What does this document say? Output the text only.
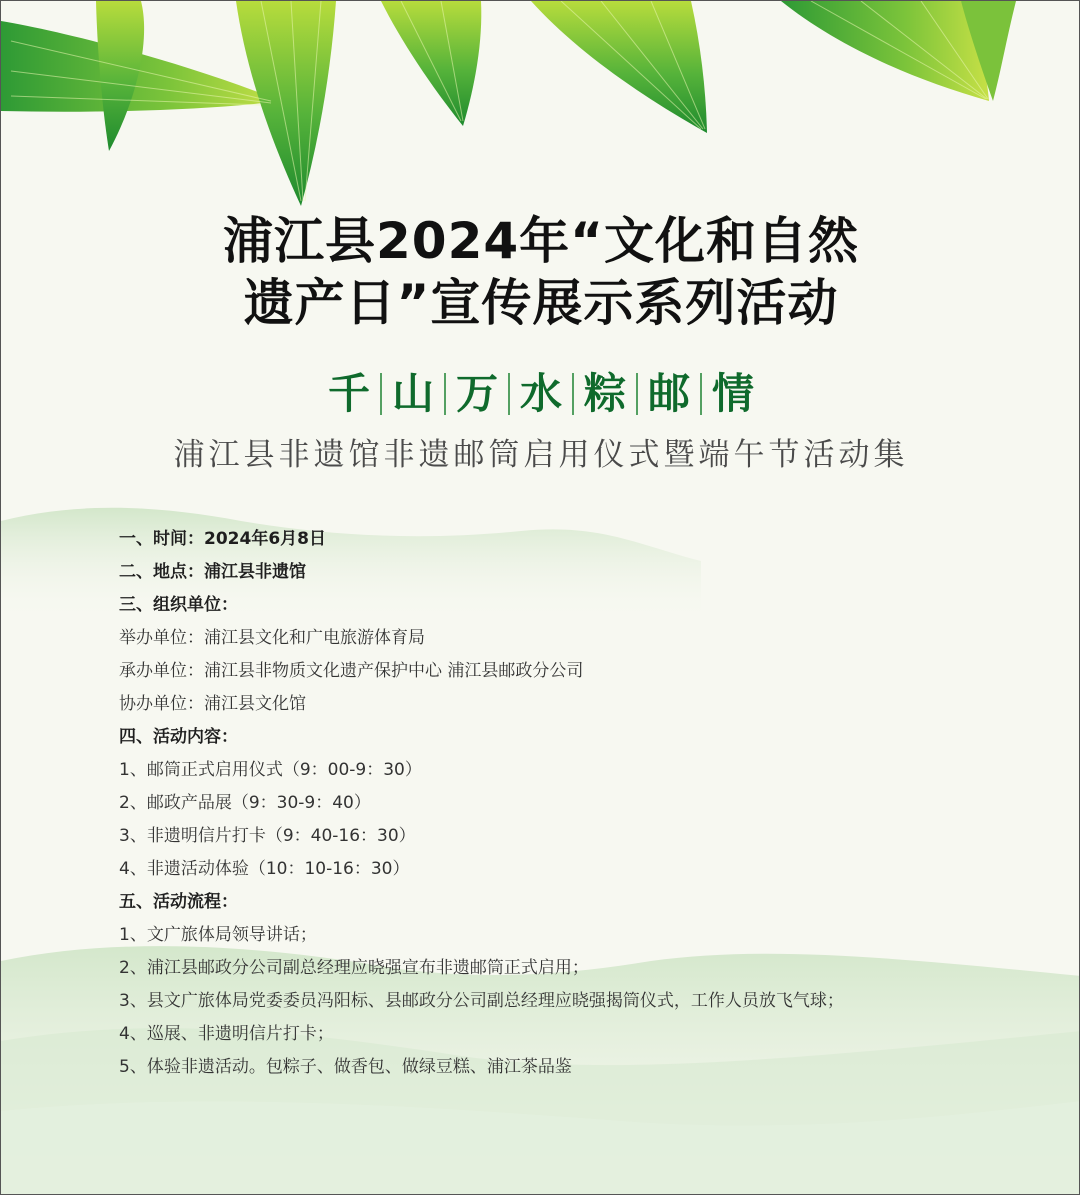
浦江县2024年“文化和自然
遗产日”宣传展示系列活动
千 山 万 水 粽 邮 情

浦江县非遗馆非遗邮筒启用仪式暨端午节活动集

一、时间：2024年6月8日
二、地点：浦江县非遗馆
三、组织单位：
举办单位：浦江县文化和广电旅游体育局
承办单位：浦江县非物质文化遗产保护中心 浦江县邮政分公司
协办单位：浦江县文化馆
四、活动内容：
1、邮筒正式启用仪式（9：00-9：30）
2、邮政产品展（9：30-9：40）
3、非遗明信片打卡（9：40-16：30）
4、非遗活动体验（10：10-16：30）
五、活动流程：
1、文广旅体局领导讲话；
2、浦江县邮政分公司副总经理应晓强宣布非遗邮筒正式启用；
3、县文广旅体局党委委员冯阳标、县邮政分公司副总经理应晓强揭筒仪式，工作人员放飞气球；
4、巡展、非遗明信片打卡；
5、体验非遗活动。包粽子、做香包、做绿豆糕、浦江茶品鉴
